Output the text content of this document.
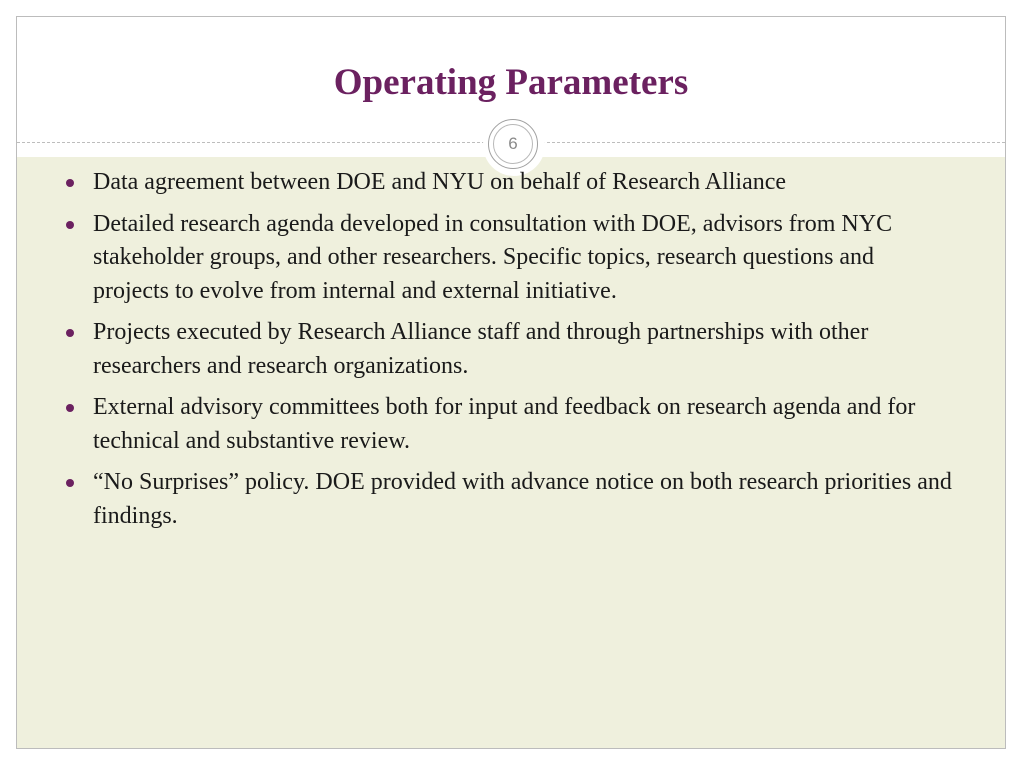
Operating Parameters
6
Data agreement between DOE and NYU on behalf of Research Alliance
Detailed research agenda developed in consultation with DOE, advisors from NYC stakeholder groups, and other researchers. Specific topics, research questions and projects to evolve from internal and external initiative.
Projects executed by Research Alliance staff and through partnerships with other researchers and research organizations.
External advisory committees both for input and feedback on research agenda and for technical and substantive review.
“No Surprises” policy. DOE provided with advance notice on both research priorities and findings.
